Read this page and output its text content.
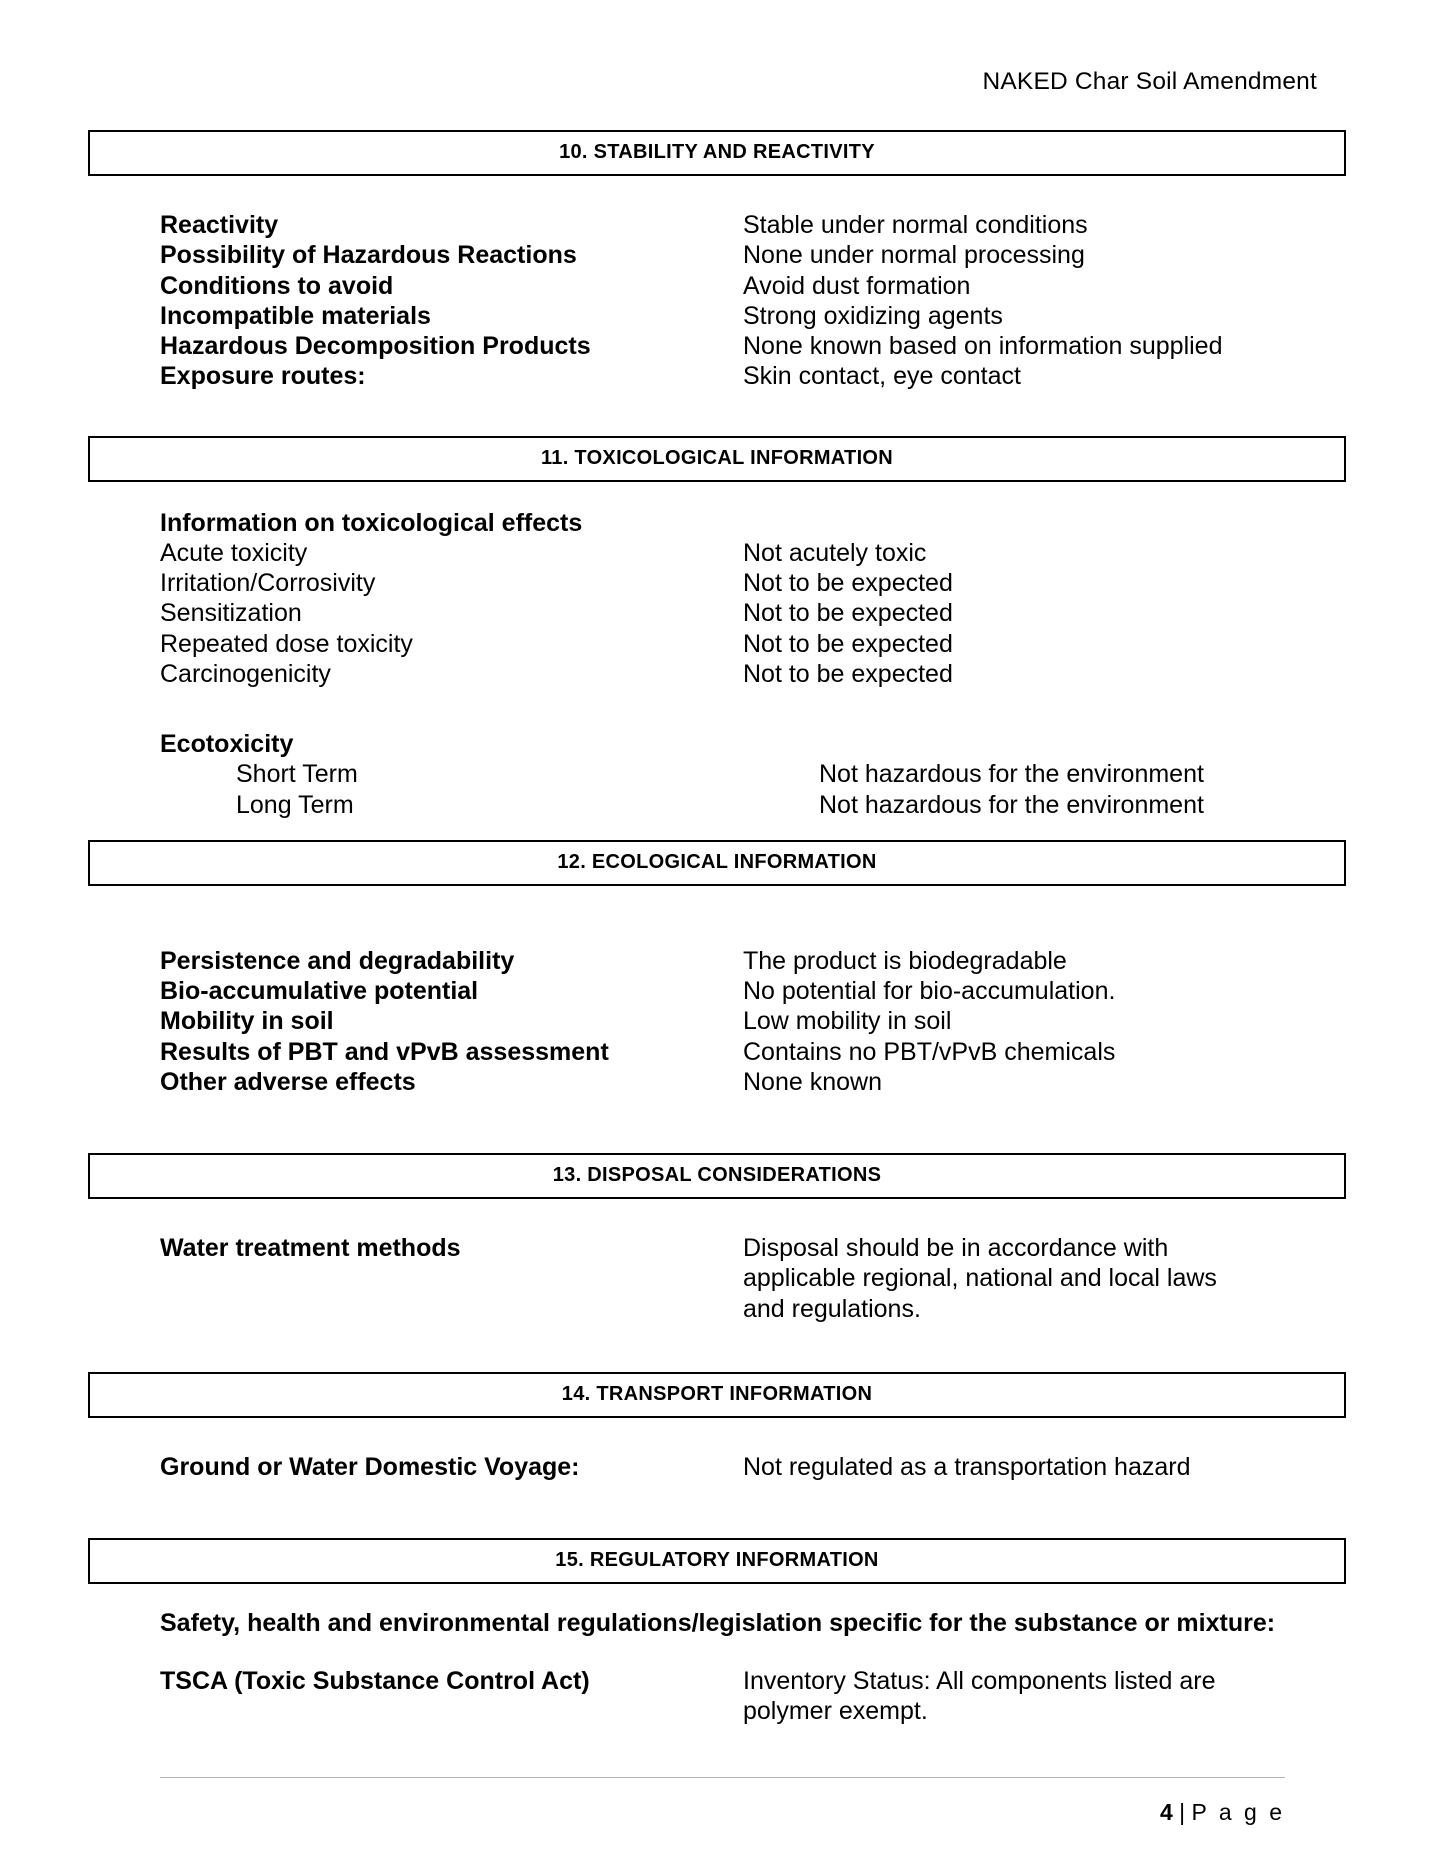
NAKED Char Soil Amendment
10. STABILITY AND REACTIVITY
Reactivity	Stable under normal conditions
Possibility of Hazardous Reactions	None under normal processing
Conditions to avoid	Avoid dust formation
Incompatible materials	Strong oxidizing agents
Hazardous Decomposition Products	None known based on information supplied
Exposure routes:	Skin contact, eye contact
11. TOXICOLOGICAL INFORMATION
Information on toxicological effects
Acute toxicity	Not acutely toxic
Irritation/Corrosivity	Not to be expected
Sensitization	Not to be expected
Repeated dose toxicity	Not to be expected
Carcinogenicity	Not to be expected
Ecotoxicity
Short Term	Not hazardous for the environment
Long Term	Not hazardous for the environment
12. ECOLOGICAL INFORMATION
Persistence and degradability	The product is biodegradable
Bio-accumulative potential	No potential for bio-accumulation.
Mobility in soil	Low mobility in soil
Results of PBT and vPvB assessment	Contains no PBT/vPvB chemicals
Other adverse effects	None known
13. DISPOSAL CONSIDERATIONS
Water treatment methods	Disposal should be in accordance with
applicable regional, national and local laws
and regulations.
14. TRANSPORT INFORMATION
Ground or Water Domestic Voyage:	Not regulated as a transportation hazard
15. REGULATORY INFORMATION
Safety, health and environmental regulations/legislation specific for the substance or mixture:
TSCA (Toxic Substance Control Act)	Inventory Status: All components listed are
polymer exempt.
4 | P a g e
